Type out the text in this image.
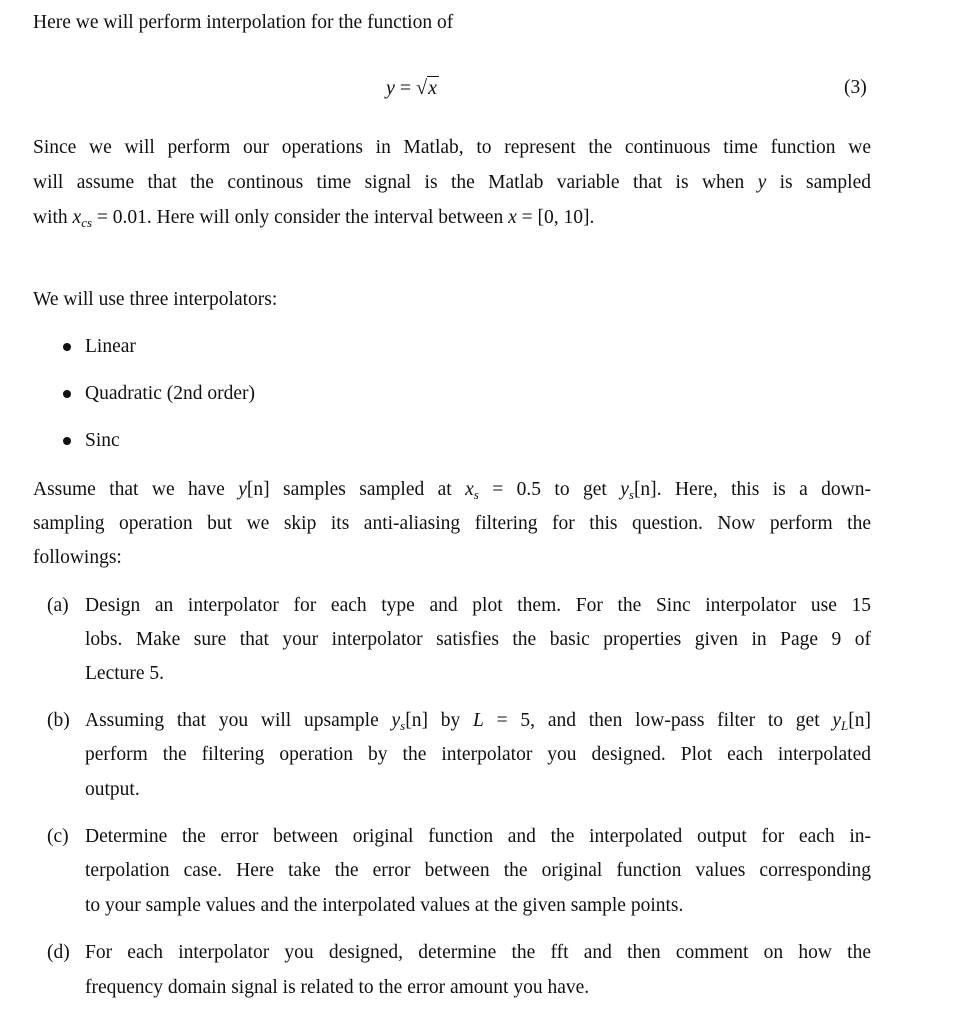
Here we will perform interpolation for the function of
y = √x	(3)
Since we will perform our operations in Matlab, to represent the continuous time function we
will assume that the continous time signal is the Matlab variable that is when y is sampled
with $x_{cs} = 0.01$. Here will only consider the interval between x = [0, 10].
We will use three interpolators:
Linear
Quadratic (2nd order)
Sinc
Assume that we have y[n] samples sampled at $x_s = 0.5$ to get $y_s[n]$. Here, this is a down-
sampling operation but we skip its anti-aliasing filtering for this question. Now perform the
followings:
(a) Design an interpolator for each type and plot them. For the Sinc interpolator use 15
lobs. Make sure that your interpolator satisfies the basic properties given in Page 9 of
Lecture 5.
(b) Assuming that you will upsample $y_s[n]$ by L = 5, and then low-pass filter to get $y_L[n]$
perform the filtering operation by the interpolator you designed. Plot each interpolated
output.
(c) Determine the error between original function and the interpolated output for each in-
terpolation case. Here take the error between the original function values corresponding
to your sample values and the interpolated values at the given sample points.
(d) For each interpolator you designed, determine the fft and then comment on how the
frequency domain signal is related to the error amount you have.
